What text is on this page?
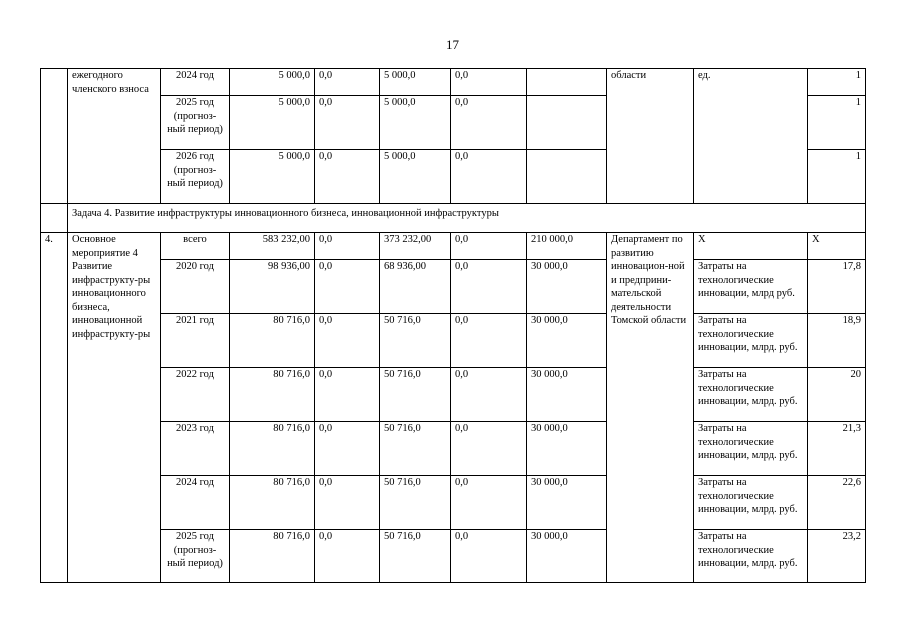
17
	ежегодного членского взноса	2024 год	5 000,0	0,0	5 000,0	0,0		области	ед.	1
		2025 год (прогноз-ный период)	5 000,0	0,0	5 000,0	0,0				1
		2026 год (прогноз-ный период)	5 000,0	0,0	5 000,0	0,0				1
	Задача 4. Развитие инфраструктуры инновационного бизнеса, инновационной инфраструктуры									
4.	Основное мероприятие 4 Развитие инфраструкту-ры инновационного бизнеса, инновационной инфраструкту-ры	всего	583 232,00	0,0	373 232,00	0,0	210 000,0	Департамент по развитию инновацион-ной и предприни-мательской деятельности Томской области	Х	Х
		2020 год	98 936,00	0,0	68 936,00	0,0	30 000,0		Затраты на технологические инновации, млрд руб.	17,8
		2021 год	80 716,0	0,0	50 716,0	0,0	30 000,0		Затраты на технологические инновации, млрд. руб.	18,9
		2022 год	80 716,0	0,0	50 716,0	0,0	30 000,0		Затраты на технологические инновации, млрд. руб.	20
		2023 год	80 716,0	0,0	50 716,0	0,0	30 000,0		Затраты на технологические инновации, млрд. руб.	21,3
		2024 год	80 716,0	0,0	50 716,0	0,0	30 000,0		Затраты на технологические инновации, млрд. руб.	22,6
		2025 год (прогноз-ный период)	80 716,0	0,0	50 716,0	0,0	30 000,0		Затраты на технологические инновации, млрд. руб.	23,2
